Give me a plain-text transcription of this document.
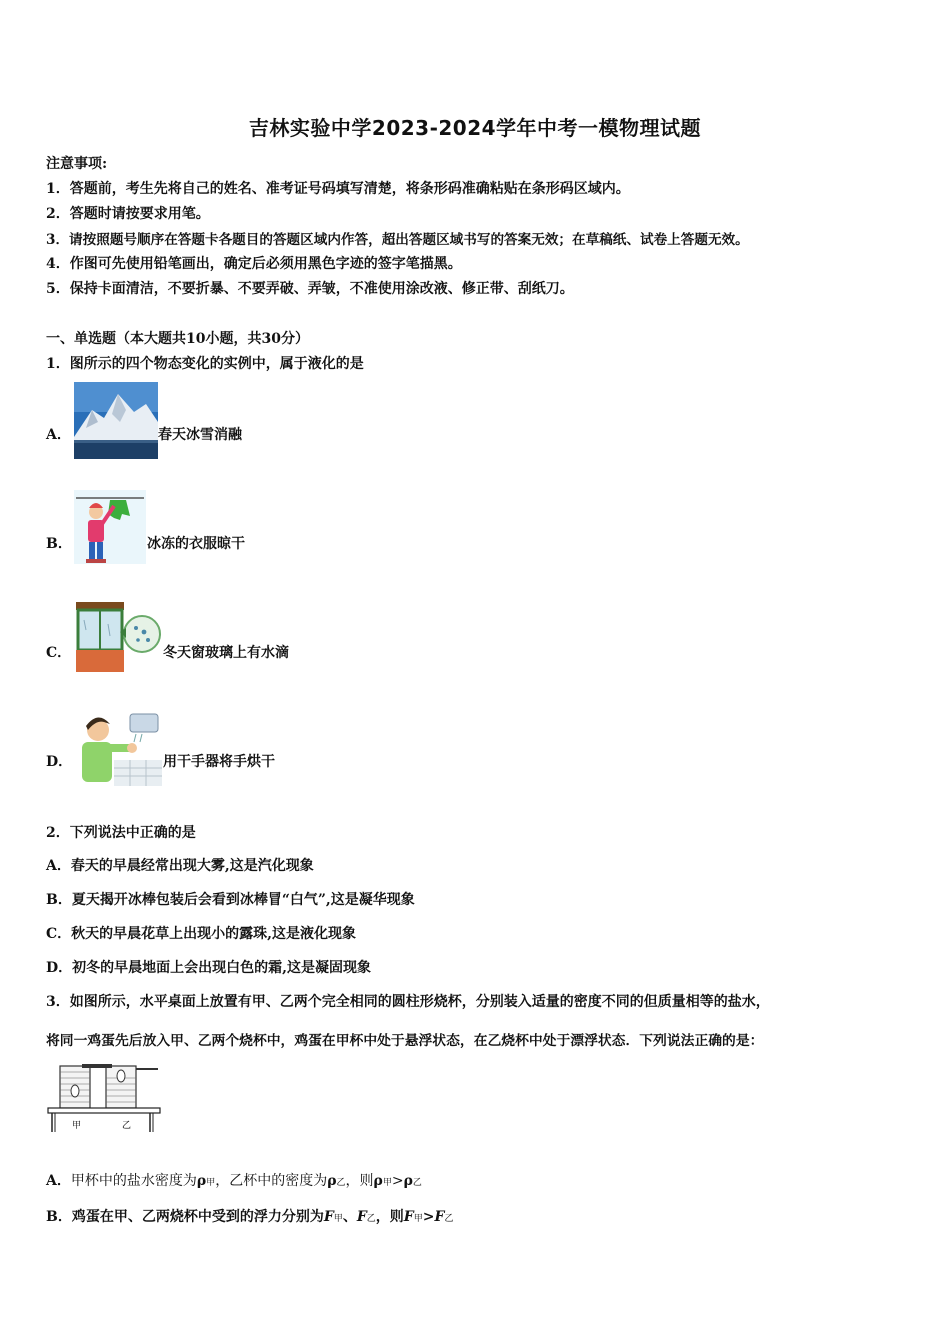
吉林实验中学2023-2024学年中考一模物理试题
注意事项:
1．答题前，考生先将自己的姓名、准考证号码填写清楚，将条形码准确粘贴在条形码区域内。
2．答题时请按要求用笔。
3．请按照题号顺序在答题卡各题目的答题区域内作答，超出答题区域书写的答案无效；在草稿纸、试卷上答题无效。
4．作图可先使用铅笔画出，确定后必须用黑色字迹的签字笔描黑。
5．保持卡面清洁，不要折暴、不要弄破、弄皱，不准使用涂改液、修正带、刮纸刀。
一、单选题（本大题共10小题，共30分）
1．图所示的四个物态变化的实例中，属于液化的是
A．	春天冰雪消融
B．	冰冻的衣服晾干
C．	冬天窗玻璃上有水滴
D．	用干手器将手烘干
2．下列说法中正确的是
A．春天的早晨经常出现大雾,这是汽化现象
B．夏天揭开冰棒包装后会看到冰棒冒“白气”,这是凝华现象
C．秋天的早晨花草上出现小的露珠,这是液化现象
D．初冬的早晨地面上会出现白色的霜,这是凝固现象
3．如图所示，水平桌面上放置有甲、乙两个完全相同的圆柱形烧杯，分别装入适量的密度不同的但质量相等的盐水，
将同一鸡蛋先后放入甲、乙两个烧杯中，鸡蛋在甲杯中处于悬浮状态，在乙烧杯中处于漂浮状态．下列说法正确的是：
甲	乙
A．甲杯中的盐水密度为ρ甲，乙杯中的密度为ρ乙，则ρ甲>ρ乙
B．鸡蛋在甲、乙两烧杯中受到的浮力分别为F甲、F乙，则F甲>F乙
